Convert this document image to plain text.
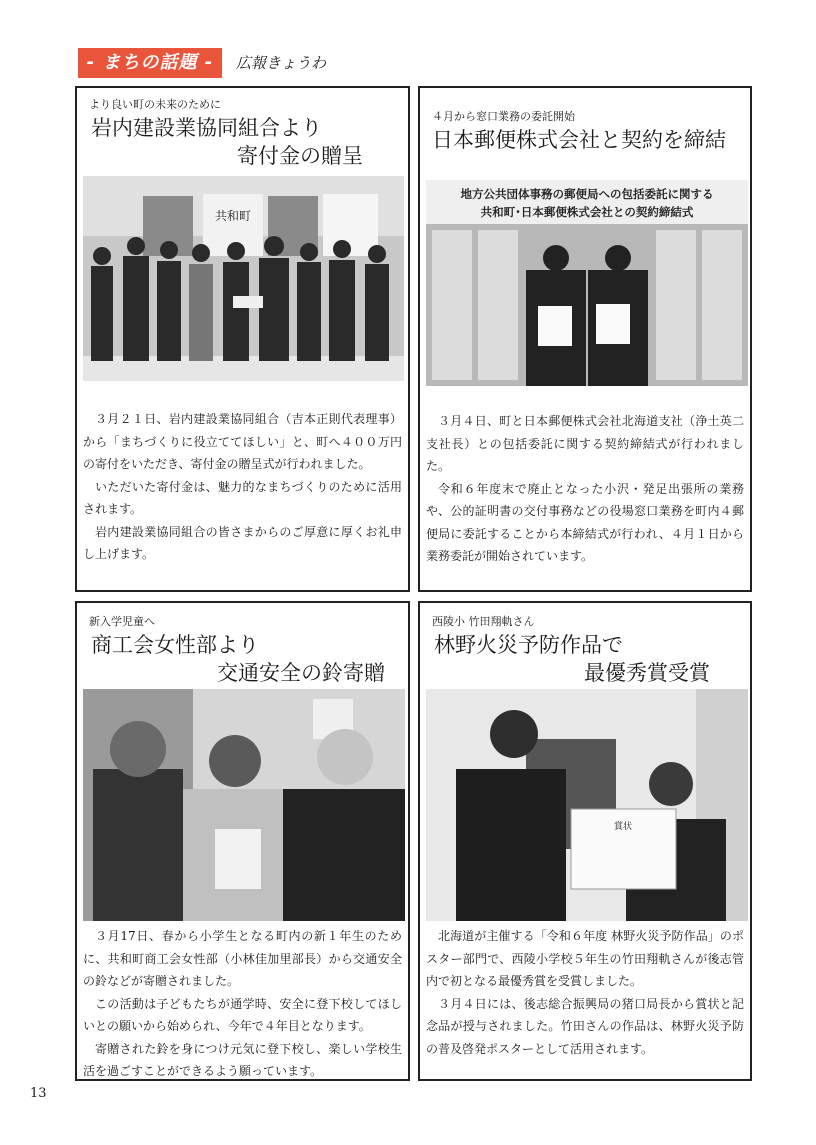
- まちの話題 -	広報きょうわ
より良い町の未来のために
岩内建設業協同組合より
寄付金の贈呈
共和町

３月２１日、岩内建設業協同組合（吉本正則代表理事）から「まちづくりに役立ててほしい」と、町へ４００万円の寄付をいただき、寄付金の贈呈式が行われました。

いただいた寄付金は、魅力的なまちづくりのために活用されます。

岩内建設業協同組合の皆さまからのご厚意に厚くお礼申し上げます。

４月から窓口業務の委託開始
日本郵便株式会社と契約を締結
地方公共団体事務の郵便局への包括委託に関する
共和町･日本郵便株式会社との契約締結式

３月４日、町と日本郵便株式会社北海道支社（浄土英二支社長）との包括委託に関する契約締結式が行われました。

令和６年度末で廃止となった小沢・発足出張所の業務や、公的証明書の交付事務などの役場窓口業務を町内４郵便局に委託することから本締結式が行われ、４月１日から業務委託が開始されています。

新入学児童へ
商工会女性部より
交通安全の鈴寄贈

３月17日、春から小学生となる町内の新１年生のために、共和町商工会女性部（小林佳加里部長）から交通安全の鈴などが寄贈されました。

この活動は子どもたちが通学時、安全に登下校してほしいとの願いから始められ、今年で４年目となります。

寄贈された鈴を身につけ元気に登下校し、楽しい学校生活を過ごすことができるよう願っています。

西陵小 竹田翔軌さん
林野火災予防作品で
最優秀賞受賞
賞状

北海道が主催する「令和６年度 林野火災予防作品」のポスター部門で、西陵小学校５年生の竹田翔軌さんが後志管内で初となる最優秀賞を受賞しました。

３月４日には、後志総合振興局の猪口局長から賞状と記念品が授与されました。竹田さんの作品は、林野火災予防の普及啓発ポスターとして活用されます。

13
